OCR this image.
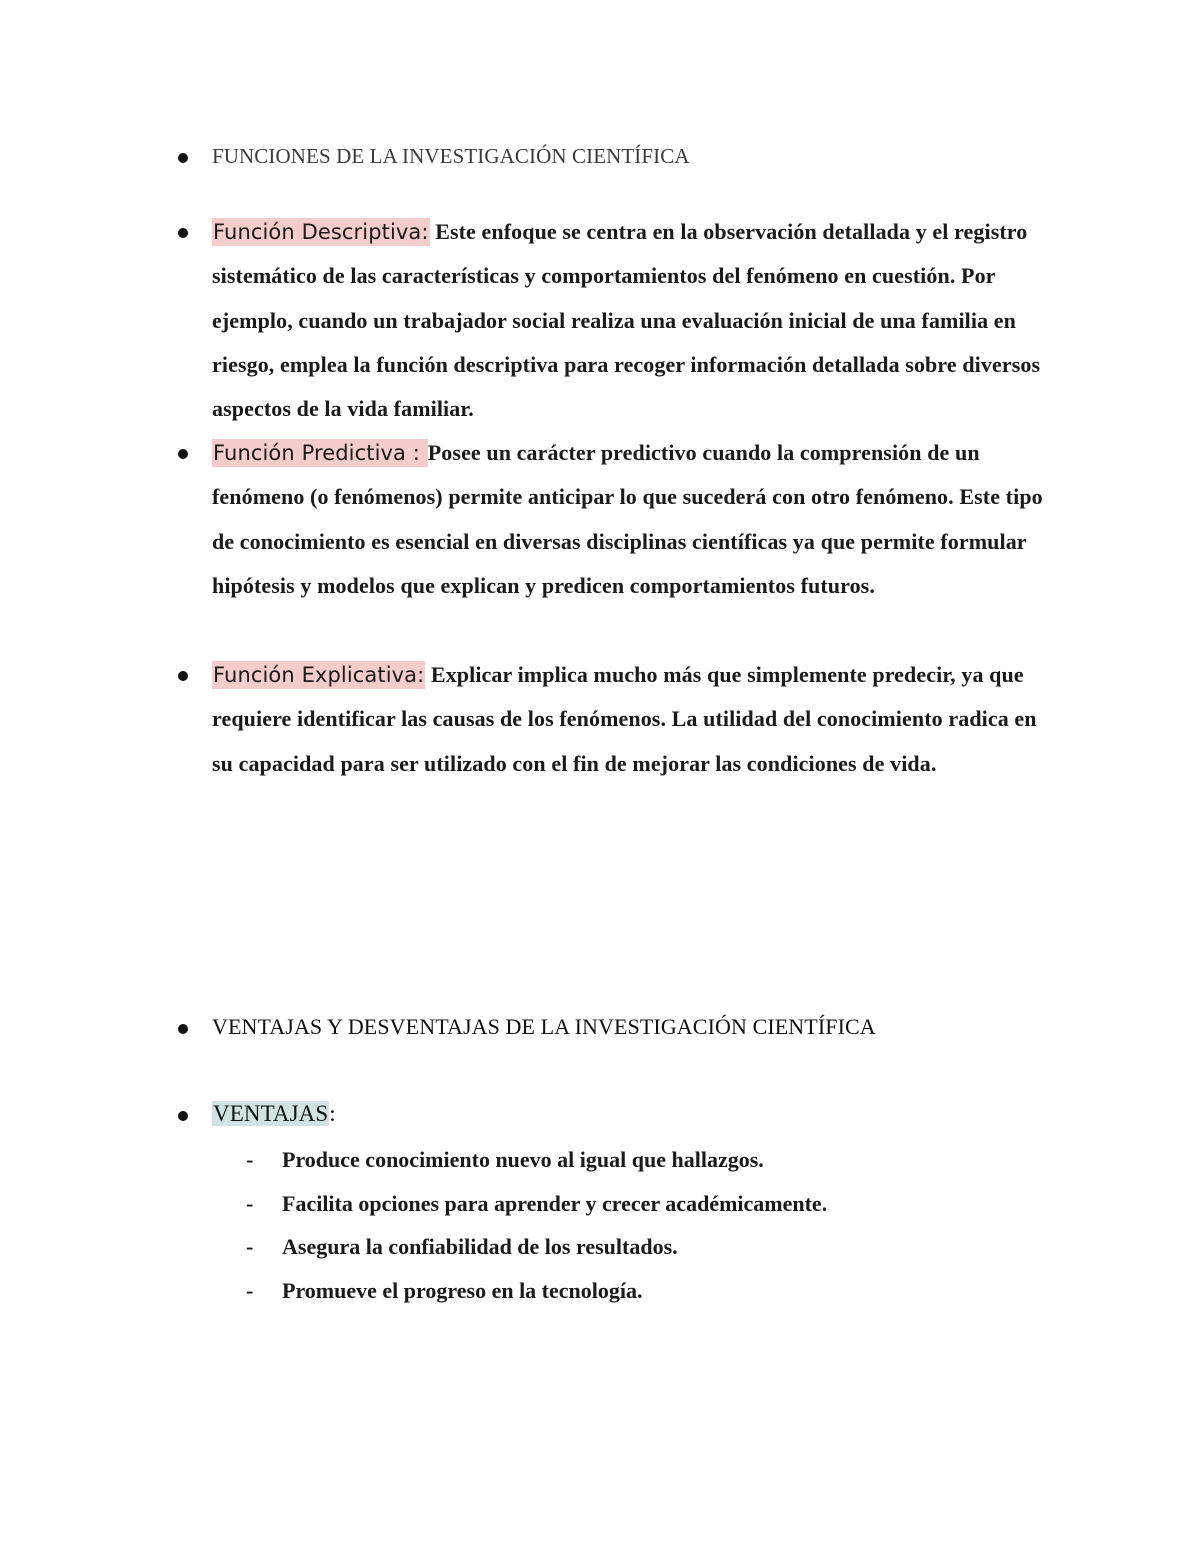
FUNCIONES DE LA INVESTIGACIÓN CIENTÍFICA
Función Descriptiva: Este enfoque se centra en la observación detallada y el registro sistemático de las características y comportamientos del fenómeno en cuestión. Por ejemplo, cuando un trabajador social realiza una evaluación inicial de una familia en riesgo, emplea la función descriptiva para recoger información detallada sobre diversos aspectos de la vida familiar.
Función Predictiva : Posee un carácter predictivo cuando la comprensión de un fenómeno (o fenómenos) permite anticipar lo que sucederá con otro fenómeno. Este tipo de conocimiento es esencial en diversas disciplinas científicas ya que permite formular hipótesis y modelos que explican y predicen comportamientos futuros.
Función Explicativa: Explicar implica mucho más que simplemente predecir, ya que requiere identificar las causas de los fenómenos. La utilidad del conocimiento radica en su capacidad para ser utilizado con el fin de mejorar las condiciones de vida.
VENTAJAS Y DESVENTAJAS DE LA INVESTIGACIÓN CIENTÍFICA
VENTAJAS:
- Produce conocimiento nuevo al igual que hallazgos.
- Facilita opciones para aprender y crecer académicamente.
- Asegura la confiabilidad de los resultados.
- Promueve el progreso en la tecnología.
